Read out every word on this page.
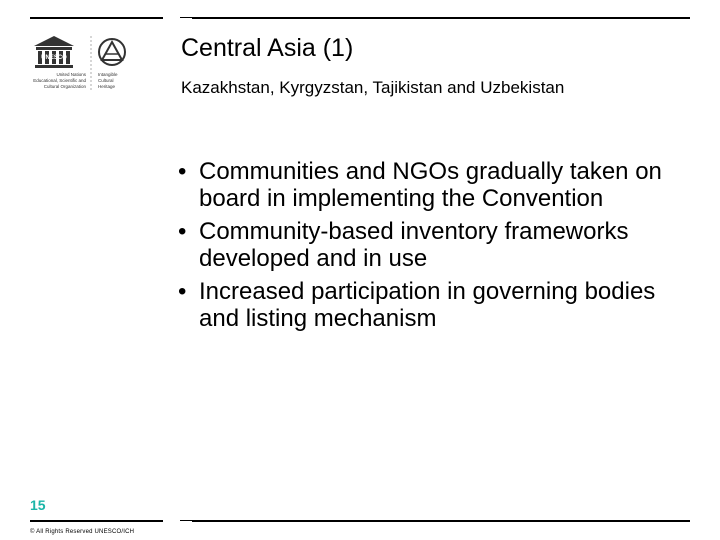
UNESCO
United Nations
Educational, Scientific and
Cultural Organization
Intangible
Cultural
Heritage
Central Asia (1)
Kazakhstan, Kyrgyzstan, Tajikistan and Uzbekistan
• Communities and NGOs gradually taken on board in implementing the Convention
• Community-based inventory frameworks developed and in use
• Increased participation in governing bodies and listing mechanism
15
© All Rights Reserved UNESCO/ICH
